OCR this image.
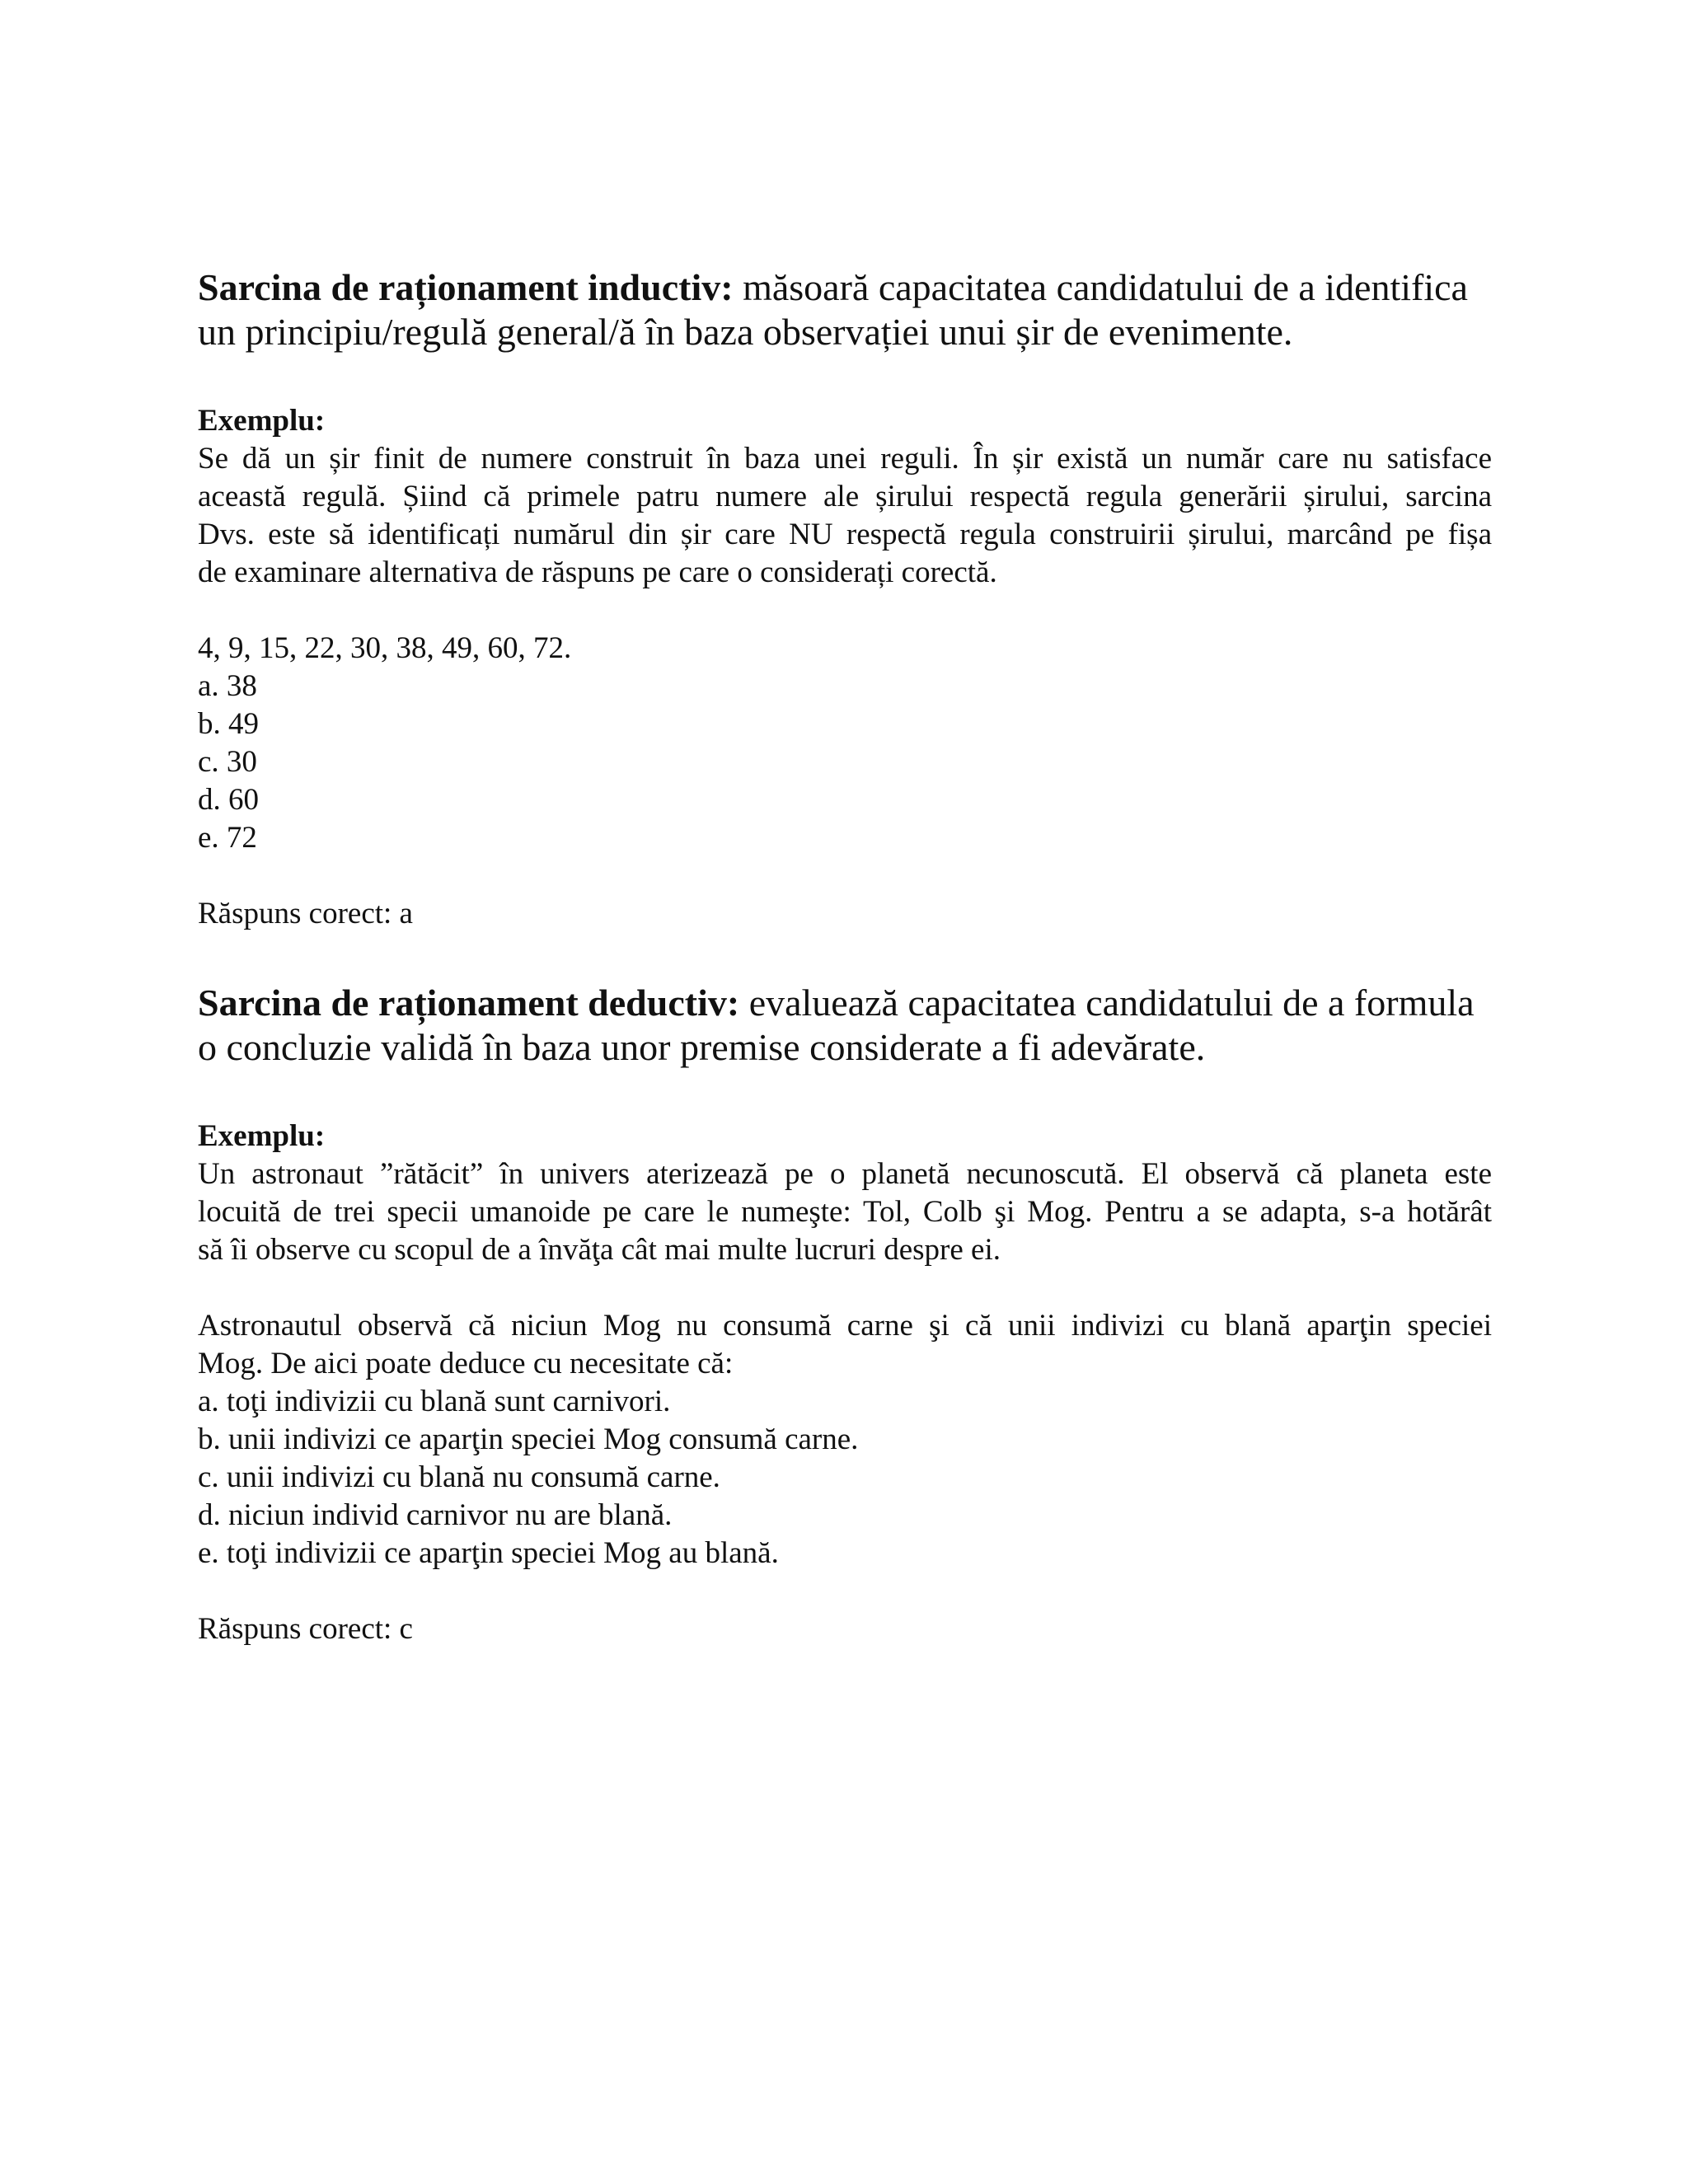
Sarcina de raționament inductiv: măsoară capacitatea candidatului de a identifica
un principiu/regulă general/ă în baza observației unui șir de evenimente.

Exemplu:

Se dă un șir finit de numere construit în baza unei reguli. În șir există un număr care nu satisface
această regulă. Șiind că primele patru numere ale șirului respectă regula generării șirului, sarcina
Dvs. este să identificați numărul din șir care NU respectă regula construirii șirului, marcând pe fișa
de examinare alternativa de răspuns pe care o considerați corectă.

4, 9, 15, 22, 30, 38, 49, 60, 72.

a. 38
b. 49
c. 30
d. 60
e. 72

Răspuns corect: a

Sarcina de raționament deductiv: evaluează capacitatea candidatului de a formula
o concluzie validă în baza unor premise considerate a fi adevărate.

Exemplu:

Un astronaut ”rătăcit” în univers aterizează pe o planetă necunoscută. El observă că planeta este
locuită de trei specii umanoide pe care le numeşte: Tol, Colb şi Mog. Pentru a se adapta, s-a hotărât
să îi observe cu scopul de a învăţa cât mai multe lucruri despre ei.
Astronautul observă că niciun Mog nu consumă carne şi că unii indivizi cu blană aparţin speciei
Mog. De aici poate deduce cu necesitate că:
a. toţi indivizii cu blană sunt carnivori.
b. unii indivizi ce aparţin speciei Mog consumă carne.
c. unii indivizi cu blană nu consumă carne.
d. niciun individ carnivor nu are blană.
e. toţi indivizii ce aparţin speciei Mog au blană.

Răspuns corect: c
